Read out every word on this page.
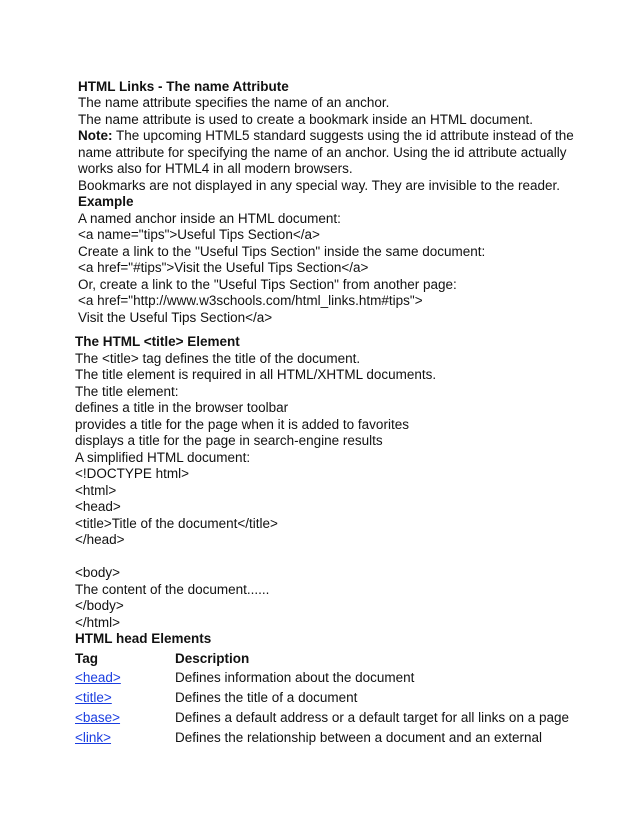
HTML Links - The name Attribute
The name attribute specifies the name of an anchor.
The name attribute is used to create a bookmark inside an HTML document.
Note: The upcoming HTML5 standard suggests using the id attribute instead of the
name attribute for specifying the name of an anchor. Using the id attribute actually
works also for HTML4 in all modern browsers.
Bookmarks are not displayed in any special way. They are invisible to the reader.
Example
A named anchor inside an HTML document:
<a name="tips">Useful Tips Section</a>
Create a link to the "Useful Tips Section" inside the same document:
<a href="#tips">Visit the Useful Tips Section</a>
Or, create a link to the "Useful Tips Section" from another page:
<a href="http://www.w3schools.com/html_links.htm#tips">
Visit the Useful Tips Section</a>
The HTML <title> Element
The <title> tag defines the title of the document.
The title element is required in all HTML/XHTML documents.
The title element:
defines a title in the browser toolbar
provides a title for the page when it is added to favorites
displays a title for the page in search-engine results
A simplified HTML document:
<!DOCTYPE html>
<html>
<head>
<title>Title of the document</title>
</head>
<body>
The content of the document......
</body>
</html>
HTML head Elements
Tag	Description
<head>	Defines information about the document
<title>	Defines the title of a document
<base>	Defines a default address or a default target for all links on a page
<link>	Defines the relationship between a document and an external
